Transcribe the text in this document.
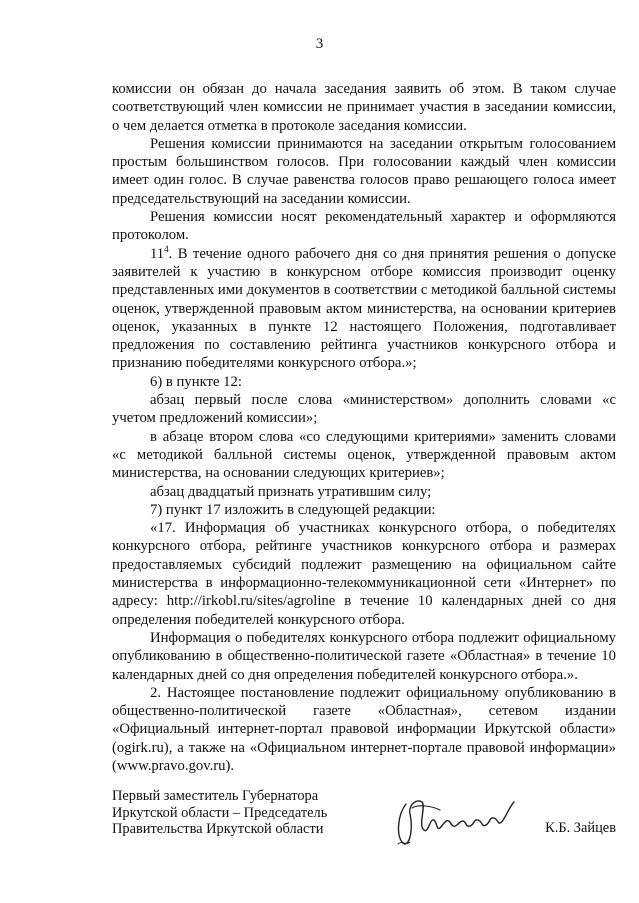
3

комиссии он обязан до начала заседания заявить об этом. В таком случае соответствующий член комиссии не принимает участия в заседании комиссии, о чем делается отметка в протоколе заседания комиссии.

Решения комиссии принимаются на заседании открытым голосованием простым большинством голосов. При голосовании каждый член комиссии имеет один голос. В случае равенства голосов право решающего голоса имеет председательствующий на заседании комиссии.

Решения комиссии носят рекомендательный характер и оформляются протоколом.

$11^4$. В течение одного рабочего дня со дня принятия решения о допуске заявителей к участию в конкурсном отборе комиссия производит оценку представленных ими документов в соответствии с методикой балльной системы оценок, утвержденной правовым актом министерства, на основании критериев оценок, указанных в пункте 12 настоящего Положения, подготавливает предложения по составлению рейтинга участников конкурсного отбора и признанию победителями конкурсного отбора.»;

6) в пункте 12:

абзац первый после слова «министерством» дополнить словами «с учетом предложений комиссии»;

в абзаце втором слова «со следующими критериями» заменить словами «с методикой балльной системы оценок, утвержденной правовым актом министерства, на основании следующих критериев»;

абзац двадцатый признать утратившим силу;

7) пункт 17 изложить в следующей редакции:

«17. Информация об участниках конкурсного отбора, о победителях конкурсного отбора, рейтинге участников конкурсного отбора и размерах предоставляемых субсидий подлежит размещению на официальном сайте министерства в информационно-телекоммуникационной сети «Интернет» по адресу: http://irkobl.ru/sites/agroline в течение 10 календарных дней со дня определения победителей конкурсного отбора.

Информация о победителях конкурсного отбора подлежит официальному опубликованию в общественно-политической газете «Областная» в течение 10 календарных дней со дня определения победителей конкурсного отбора.».

2. Настоящее постановление подлежит официальному опубликованию в общественно-политической газете «Областная», сетевом издании «Официальный интернет-портал правовой информации Иркутской области» (ogirk.ru), а также на «Официальном интернет-портале правовой информации» (www.pravo.gov.ru).

Первый заместитель Губернатора
Иркутской области – Председатель
Правительства Иркутской области	К.Б. Зайцев
